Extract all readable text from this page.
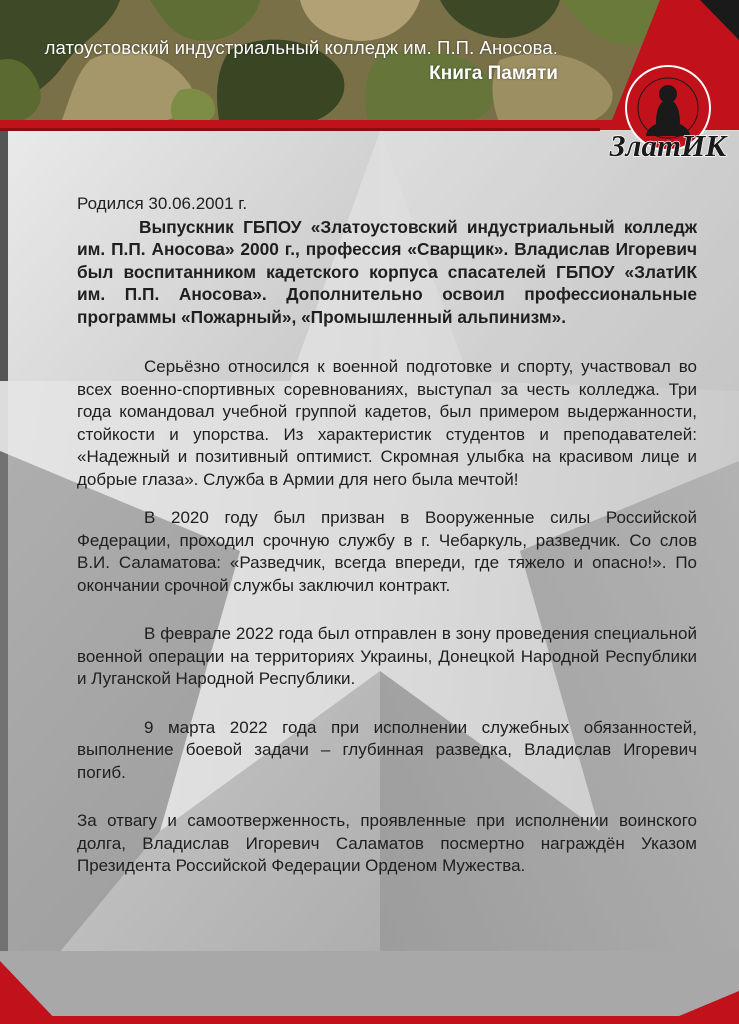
латоустовский индустриальный колледж им. П.П. Аносова.
Книга Памяти
ЗлатИК

Родился 30.06.2001 г.

Выпускник ГБПОУ «Златоустовский индустриальный колледж им. П.П. Аносова» 2000 г., профессия «Сварщик». Владислав Игоревич был воспитанником кадетского корпуса спасателей ГБПОУ «ЗлатИК им. П.П. Аносова». Дополнительно освоил профессиональные программы «Пожарный», «Промышленный альпинизм».

Серьёзно относился к военной подготовке и спорту, участвовал во всех военно-спортивных соревнованиях, выступал за честь колледжа. Три года командовал учебной группой кадетов, был примером выдержанности, стойкости и упорства. Из характеристик студентов и преподавателей: «Надежный и позитивный оптимист. Скромная улыбка на красивом лице и добрые глаза». Служба в Армии для него была мечтой!

В 2020 году был призван в Вооруженные силы Российской Федерации, проходил срочную службу в г. Чебаркуль, разведчик. Со слов В.И. Саламатова: «Разведчик, всегда впереди, где тяжело и опасно!». По окончании срочной службы заключил контракт.

В феврале 2022 года был отправлен в зону проведения специальной военной операции на территориях Украины, Донецкой Народной Республики и Луганской Народной Республики.

9 марта 2022 года при исполнении служебных обязанностей, выполнение боевой задачи – глубинная разведка, Владислав Игоревич погиб.

За отвагу и самоотверженность, проявленные при исполнении воинского долга, Владислав Игоревич Саламатов посмертно награждён Указом Президента Российской Федерации Орденом Мужества.
